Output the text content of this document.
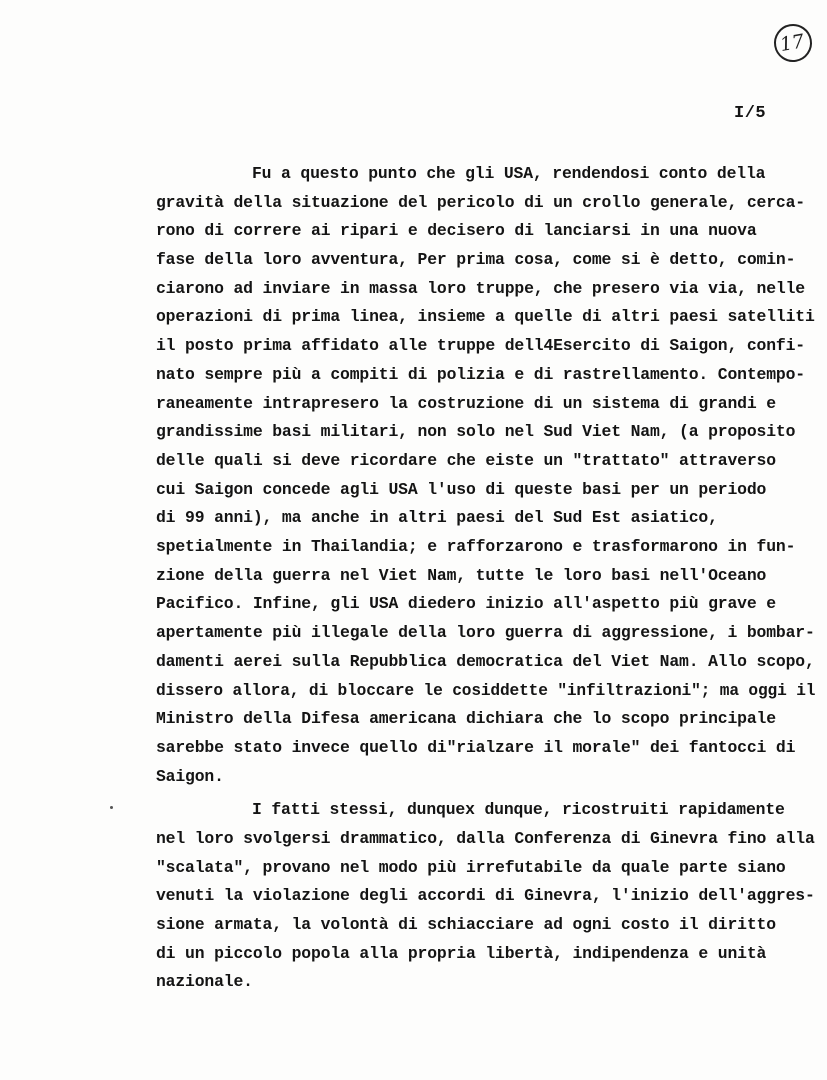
17
I/5
Fu a questo punto che gli USA, rendendosi conto della
gravità della situazione del pericolo di un crollo generale, cerca-
rono di correre ai ripari e decisero di lanciarsi in una nuova
fase della loro avventura, Per prima cosa, come si è detto, comin-
ciarono ad inviare in massa loro truppe, che presero via via, nelle
operazioni di prima linea, insieme a quelle di altri paesi satelliti
il posto prima affidato alle truppe dell4Esercito di Saigon, confi-
nato sempre più a compiti di polizia e di rastrellamento. Contempo-
raneamente intrapresero la costruzione di un sistema di grandi e
grandissime basi militari, non solo nel Sud Viet Nam, (a proposito
delle quali si deve ricordare che eiste un "trattato" attraverso
cui Saigon concede agli USA l'uso di queste basi per un periodo
di 99 anni), ma anche in altri paesi del Sud Est asiatico,
spetialmente in Thailandia; e rafforzarono e trasformarono in fun-
zione della guerra nel Viet Nam, tutte le loro basi nell'Oceano
Pacifico. Infine, gli USA diedero inizio all'aspetto più grave e
apertamente più illegale della loro guerra di aggressione, i bombar-
damenti aerei sulla Repubblica democratica del Viet Nam. Allo scopo,
dissero allora, di bloccare le cosiddette "infiltrazioni"; ma oggi il
Ministro della Difesa americana dichiara che lo scopo principale
sarebbe stato invece quello di"rialzare il morale" dei fantocci di
Saigon.
I fatti stessi, dunquex dunque, ricostruiti rapidamente
nel loro svolgersi drammatico, dalla Conferenza di Ginevra fino alla
"scalata", provano nel modo più irrefutabile da quale parte siano
venuti la violazione degli accordi di Ginevra, l'inizio dell'aggres-
sione armata, la volontà di schiacciare ad ogni costo il diritto
di un piccolo popola alla propria libertà, indipendenza e unità
nazionale.
